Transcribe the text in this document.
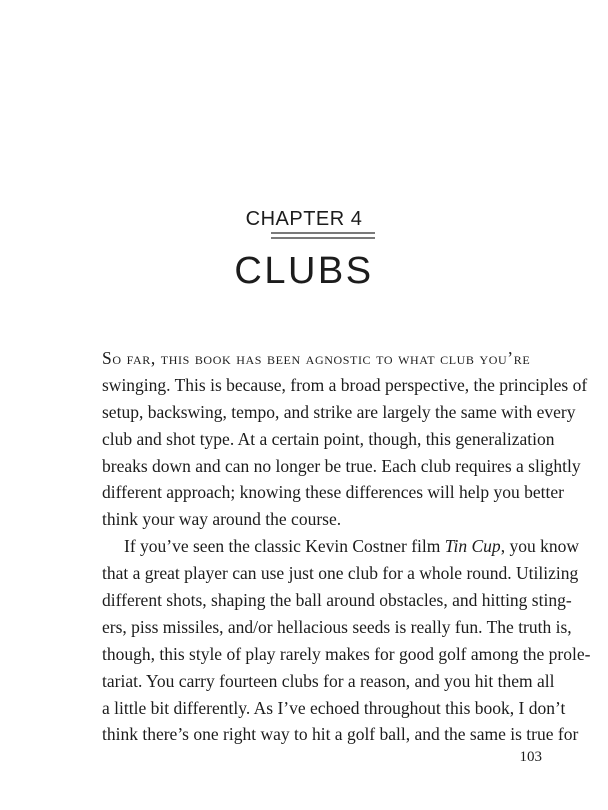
CHAPTER 4
CLUBS
So far, this book has been agnostic to what club you’re
swinging. This is because, from a broad perspective, the principles of
setup, backswing, tempo, and strike are largely the same with every
club and shot type. At a certain point, though, this generalization
breaks down and can no longer be true. Each club requires a slightly
different approach; knowing these differences will help you better
think your way around the course.
If you’ve seen the classic Kevin Costner film Tin Cup, you know
that a great player can use just one club for a whole round. Utilizing
different shots, shaping the ball around obstacles, and hitting sting-
ers, piss missiles, and/or hellacious seeds is really fun. The truth is,
though, this style of play rarely makes for good golf among the prole-
tariat. You carry fourteen clubs for a reason, and you hit them all
a little bit differently. As I’ve echoed throughout this book, I don’t
think there’s one right way to hit a golf ball, and the same is true for
103
